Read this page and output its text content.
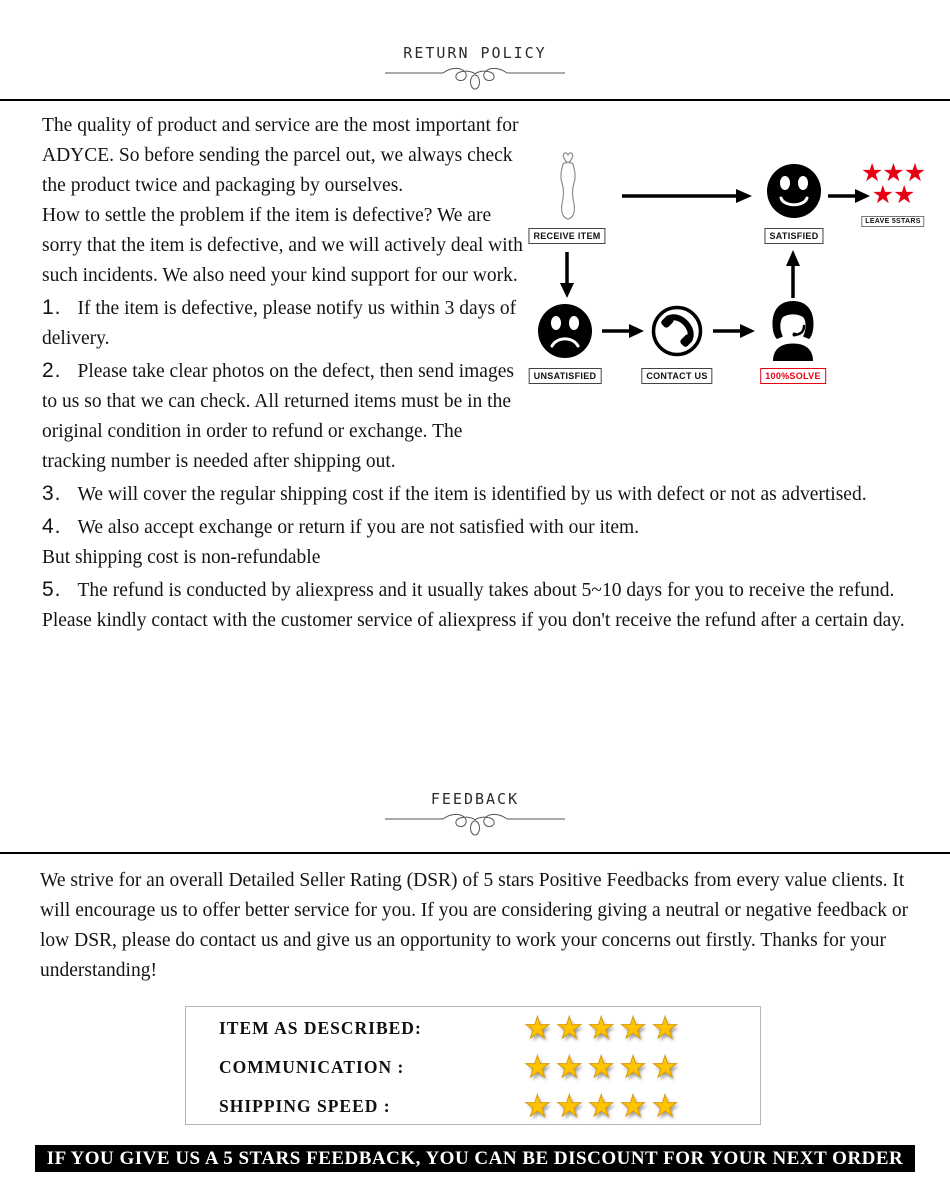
RETURN POLICY

The quality of product and service are the most important for ADYCE. So before sending the parcel out, we always check the product twice and packaging by ourselves.

How to settle the problem if the item is defective? We are sorry that the item is defective, and we will actively deal with such incidents. We also need your kind support for our work.

1. If the item is defective, please notify us within 3 days of delivery.
2. Please take clear photos on the defect, then send images to us so that we can check. All returned items must be in the original condition in order to refund or exchange. The tracking number is needed after shipping out.
3. We will cover the regular shipping cost if the item is identified by us with defect or not as advertised.
4. We also accept exchange or return if you are not satisfied with our item.
But shipping cost is non-refundable
5. The refund is conducted by aliexpress and it usually takes about 5~10 days for you to receive the refund. Please kindly contact with the customer service of aliexpress if you don't receive the refund after a certain day.
RECEIVE ITEM	SATISFIED
★★★
★★
LEAVE 5STARS
UNSATISFIED	CONTACT US	100%SOLVE
FEEDBACK

We strive for an overall Detailed Seller Rating (DSR) of 5 stars Positive Feedbacks from every value clients. It will encourage us to offer better service for you. If you are considering giving a neutral or negative feedback or low DSR, please do contact us and give us an opportunity to work your concerns out firstly. Thanks for your understanding!

ITEM AS DESCRIBED:	★★★★★
COMMUNICATION :	★★★★★
SHIPPING SPEED :	★★★★★
IF YOU GIVE US A 5 STARS FEEDBACK, YOU CAN BE DISCOUNT FOR YOUR NEXT ORDER
